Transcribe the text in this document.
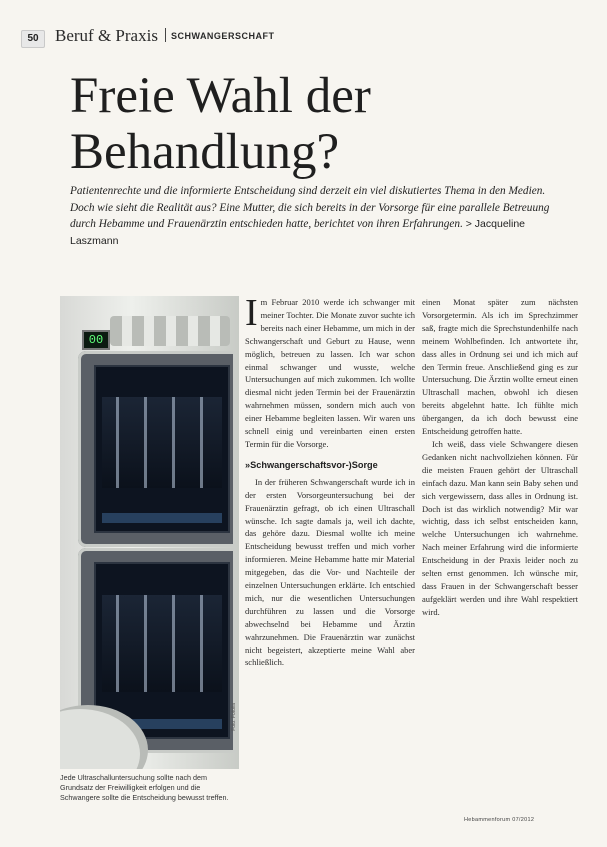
50 Beruf & Praxis $^{SCHWANGERSCHAFT}$
Freie Wahl der
Behandlung?

Patientenrechte und die informierte Entscheidung sind derzeit ein viel diskutiertes Thema in den Medien. Doch wie sieht die Realität aus? Eine Mutter, die sich bereits in der Vorsorge für eine parallele Betreuung durch Hebamme und Frauenärztin entschieden hatte, berichtet von ihren Erfahrungen. > Jacqueline Laszmann

00
Foto: Fotolia

Jede Ultraschalluntersuchung sollte nach dem Grundsatz der Freiwilligkeit erfolgen und die Schwangere sollte die Entscheidung bewusst treffen.

Im Februar 2010 werde ich schwanger mit meiner Tochter. Die Monate zuvor suchte ich bereits nach einer Hebamme, um mich in der Schwangerschaft und Geburt zu Hause, wenn möglich, betreuen zu lassen. Ich war schon einmal schwanger und wusste, welche Untersuchungen auf mich zukommen. Ich wollte diesmal nicht jeden Termin bei der Frauenärztin wahrnehmen müssen, sondern mich auch von einer Hebamme begleiten lassen. Wir waren uns schnell einig und vereinbarten einen ersten Termin für die Vorsorge.

»Schwangerschaftsvor-)Sorge

In der früheren Schwangerschaft wurde ich in der ersten Vorsorgeuntersuchung bei der Frauenärztin gefragt, ob ich einen Ultraschall wünsche. Ich sagte damals ja, weil ich dachte, das gehöre dazu. Diesmal wollte ich meine Entscheidung bewusst treffen und mich vorher informieren. Meine Hebamme hatte mir Material mitgegeben, das die Vor- und Nachteile der einzelnen Untersuchungen erklärte. Ich entschied mich, nur die wesentlichen Untersuchungen durchführen zu lassen und die Vorsorge abwechselnd bei Hebamme und Ärztin wahrzunehmen. Die Frauenärztin war zunächst nicht begeistert, akzeptierte meine Wahl aber schließlich.

einen Monat später zum nächsten Vorsorgetermin. Als ich im Sprechzimmer saß, fragte mich die Sprechstundenhilfe nach meinem Wohlbefinden. Ich antwortete ihr, dass alles in Ordnung sei und ich mich auf den Termin freue. Anschließend ging es zur Untersuchung. Die Ärztin wollte erneut einen Ultraschall machen, obwohl ich diesen bereits abgelehnt hatte. Ich fühlte mich übergangen, da ich doch bewusst eine Entscheidung getroffen hatte.

Ich weiß, dass viele Schwangere diesen Gedanken nicht nachvollziehen können. Für die meisten Frauen gehört der Ultraschall einfach dazu. Man kann sein Baby sehen und sich vergewissern, dass alles in Ordnung ist. Doch ist das wirklich notwendig? Mir war wichtig, dass ich selbst entscheiden kann, welche Untersuchungen ich wahrnehme. Nach meiner Erfahrung wird die informierte Entscheidung in der Praxis leider noch zu selten ernst genommen. Ich wünsche mir, dass Frauen in der Schwangerschaft besser aufgeklärt werden und ihre Wahl respektiert wird.

Hebammenforum 07/2012
